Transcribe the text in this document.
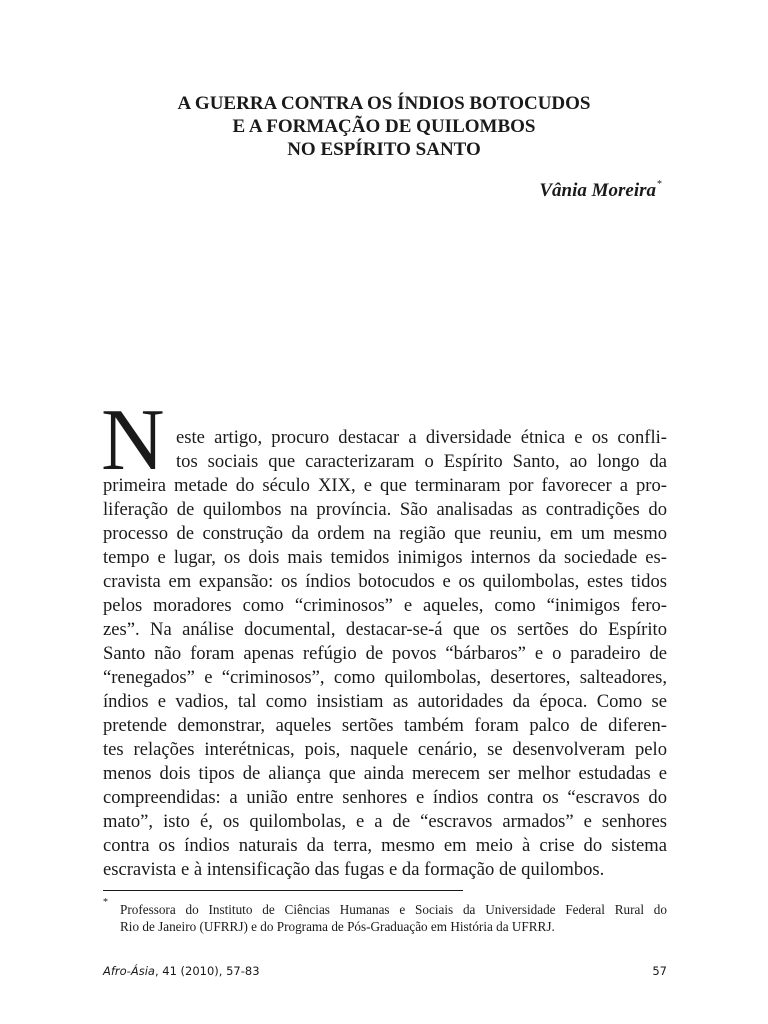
A GUERRA CONTRA OS ÍNDIOS BOTOCUDOS
E A FORMAÇÃO DE QUILOMBOS
NO ESPÍRITO SANTO
Vânia Moreira*
N este artigo, procuro destacar a diversidade étnica e os confli-
tos sociais que caracterizaram o Espírito Santo, ao longo da
primeira metade do século XIX, e que terminaram por favorecer a pro-
liferação de quilombos na província. São analisadas as contradições do
processo de construção da ordem na região que reuniu, em um mesmo
tempo e lugar, os dois mais temidos inimigos internos da sociedade es-
cravista em expansão: os índios botocudos e os quilombolas, estes tidos
pelos moradores como “criminosos” e aqueles, como “inimigos fero-
zes”. Na análise documental, destacar-se-á que os sertões do Espírito
Santo não foram apenas refúgio de povos “bárbaros” e o paradeiro de
“renegados” e “criminosos”, como quilombolas, desertores, salteadores,
índios e vadios, tal como insistiam as autoridades da época. Como se
pretende demonstrar, aqueles sertões também foram palco de diferen-
tes relações interétnicas, pois, naquele cenário, se desenvolveram pelo
menos dois tipos de aliança que ainda merecem ser melhor estudadas e
compreendidas: a união entre senhores e índios contra os “escravos do
mato”, isto é, os quilombolas, e a de “escravos armados” e senhores
contra os índios naturais da terra, mesmo em meio à crise do sistema
escravista e à intensificação das fugas e da formação de quilombos.
* Professora do Instituto de Ciências Humanas e Sociais da Universidade Federal Rural do
Rio de Janeiro (UFRRJ) e do Programa de Pós-Graduação em História da UFRRJ.
Afro-Ásia, 41 (2010), 57-83	57
